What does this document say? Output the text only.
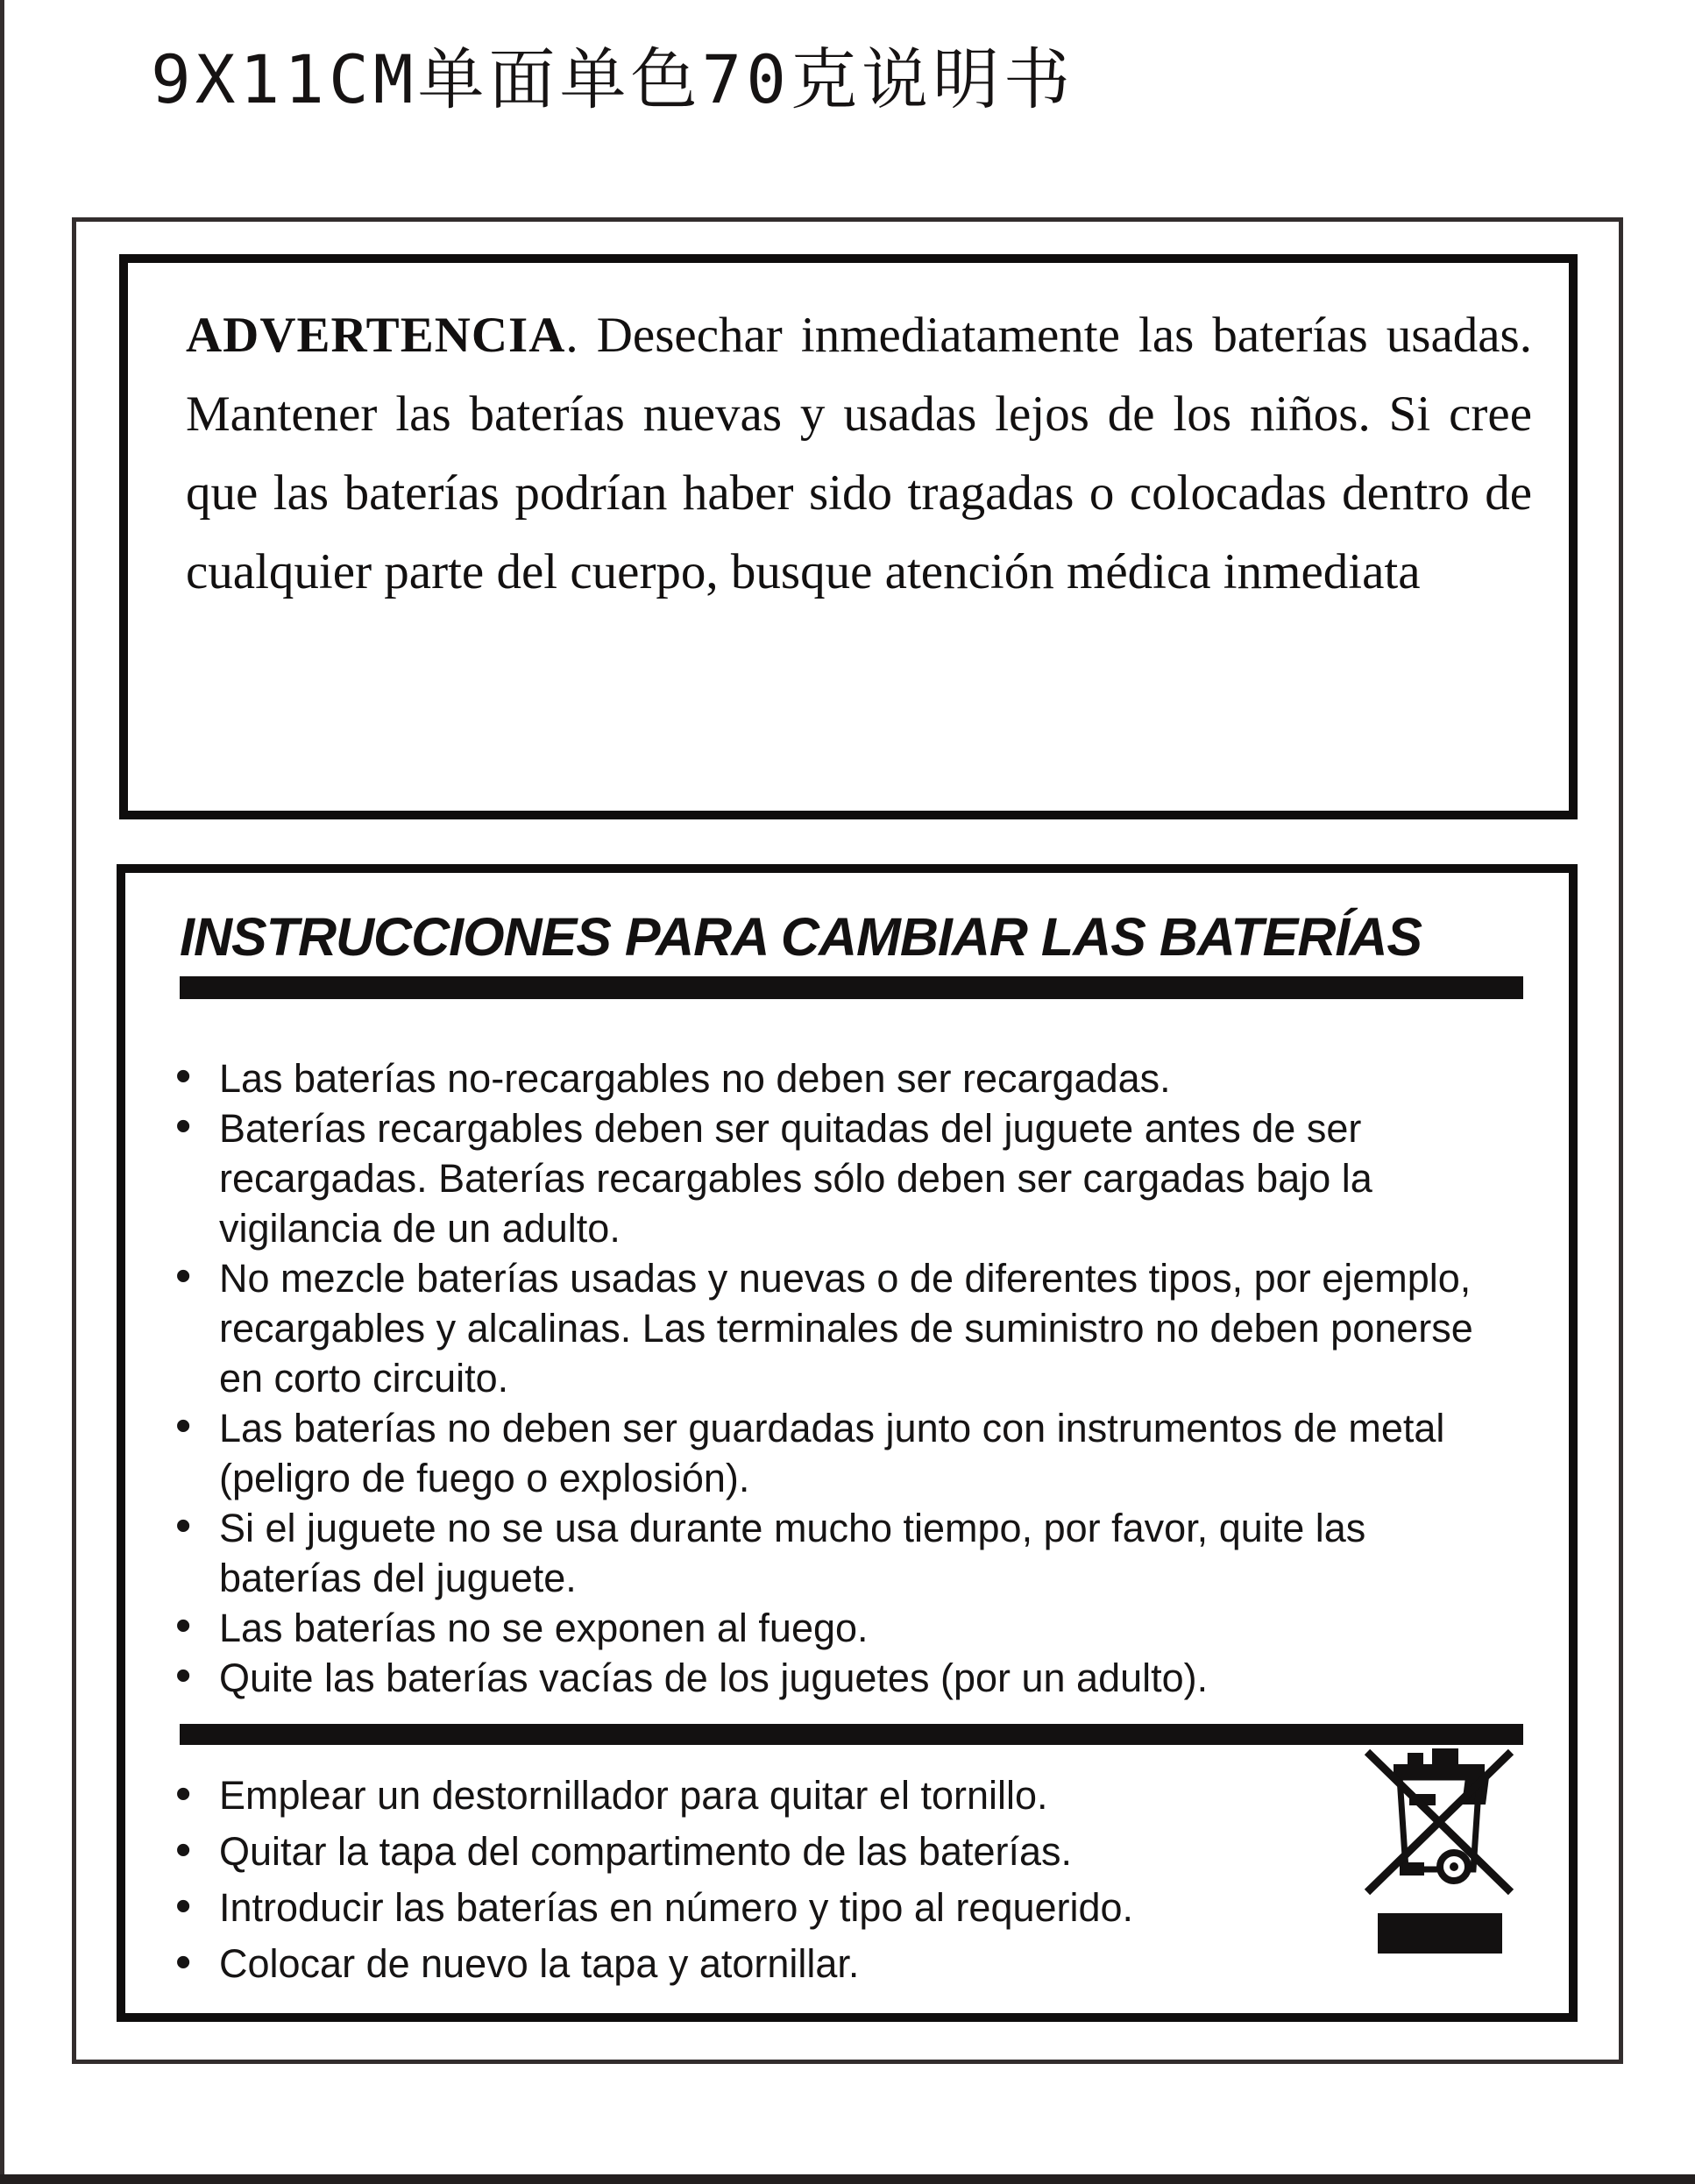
9X11CM单面单色70克说明书

ADVERTENCIA. Desechar inmediatamente las baterías usadas. Mantener las baterías nuevas y usadas lejos de los niños. Si cree que las baterías podrían haber sido tragadas o colocadas dentro de cualquier parte del cuerpo, busque atención médica inmediata

INSTRUCCIONES PARA CAMBIAR LAS BATERÍAS
• Las baterías no-recargables no deben ser recargadas.
• Baterías recargables deben ser quitadas del juguete antes de ser recargadas. Baterías recargables sólo deben ser cargadas bajo la vigilancia de un adulto.
• No mezcle baterías usadas y nuevas o de diferentes tipos, por ejemplo, recargables y alcalinas. Las terminales de suministro no deben ponerse en corto circuito.
• Las baterías no deben ser guardadas junto con instrumentos de metal (peligro de fuego o explosión).
• Si el juguete no se usa durante mucho tiempo, por favor, quite las baterías del juguete.
• Las baterías no se exponen al fuego.
• Quite las baterías vacías de los juguetes (por un adulto).
• Emplear un destornillador para quitar el tornillo.
• Quitar la tapa del compartimento de las baterías.
• Introducir las baterías en número y tipo al requerido.
• Colocar de nuevo la tapa y atornillar.
